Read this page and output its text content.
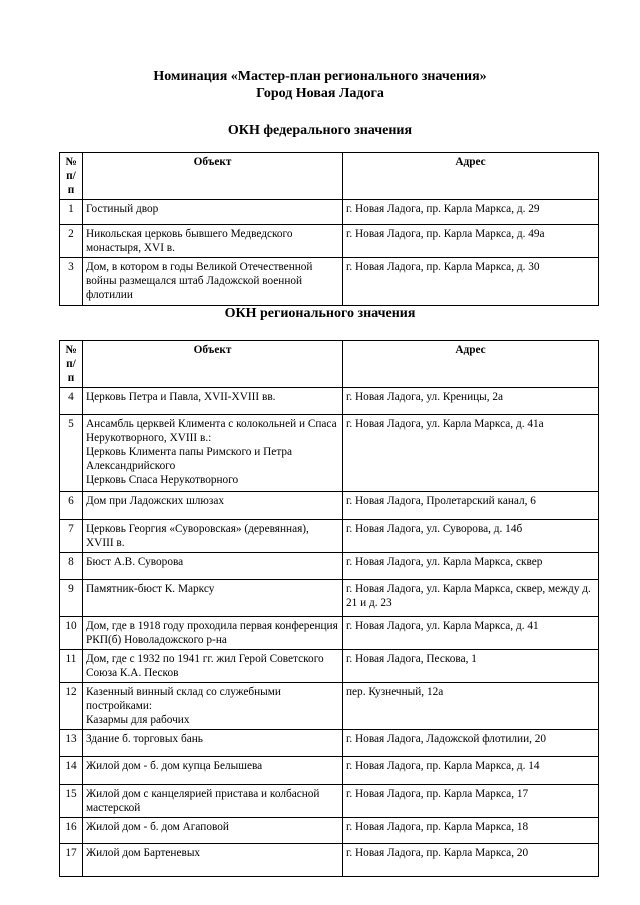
Номинация «Мастер-план регионального значения»

Город Новая Ладога

ОКН федерального значения

№ п/п	Объект	Адрес
1	Гостиный двор	г. Новая Ладога, пр. Карла Маркса, д. 29
2	Никольская церковь бывшего Медведского монастыря, XVI в.	г. Новая Ладога, пр. Карла Маркса, д. 49а
3	Дом, в котором в годы Великой Отечественной войны размещался штаб Ладожской военной флотилии	г. Новая Ладога, пр. Карла Маркса, д. 30

ОКН регионального значения

№ п/п	Объект	Адрес
4	Церковь Петра и Павла, XVII-XVIII вв.	г. Новая Ладога, ул. Креницы, 2а
5	Ансамбль церквей Климента с колокольней и Спаса Нерукотворного, XVIII в.:
Церковь Климента папы Римского и Петра Александрийского
Церковь Спаса Нерукотворного	г. Новая Ладога, ул. Карла Маркса, д. 41а
6	Дом при Ладожских шлюзах	г. Новая Ладога, Пролетарский канал, 6
7	Церковь Георгия «Суворовская» (деревянная), XVIII в.	г. Новая Ладога, ул. Суворова, д. 14б
8	Бюст А.В. Суворова	г. Новая Ладога, ул. Карла Маркса, сквер
9	Памятник-бюст К. Марксу	г. Новая Ладога, ул. Карла Маркса, сквер, между д. 21 и д. 23
10	Дом, где в 1918 году проходила первая конференция РКП(б) Новоладожского р-на	г. Новая Ладога, ул. Карла Маркса, д. 41
11	Дом, где с 1932 по 1941 гг. жил Герой Советского Союза К.А. Песков	г. Новая Ладога, Пескова, 1
12	Казенный винный склад со служебными постройками:
Казармы для рабочих	пер. Кузнечный, 12а
13	Здание б. торговых бань	г. Новая Ладога, Ладожской флотилии, 20
14	Жилой дом - б. дом купца Белышева	г. Новая Ладога, пр. Карла Маркса, д. 14
15	Жилой дом с канцелярией пристава и колбасной мастерской	г. Новая Ладога, пр. Карла Маркса, 17
16	Жилой дом - б. дом Агаповой	г. Новая Ладога, пр. Карла Маркса, 18
17	Жилой дом Бартеневых	г. Новая Ладога, пр. Карла Маркса, 20
